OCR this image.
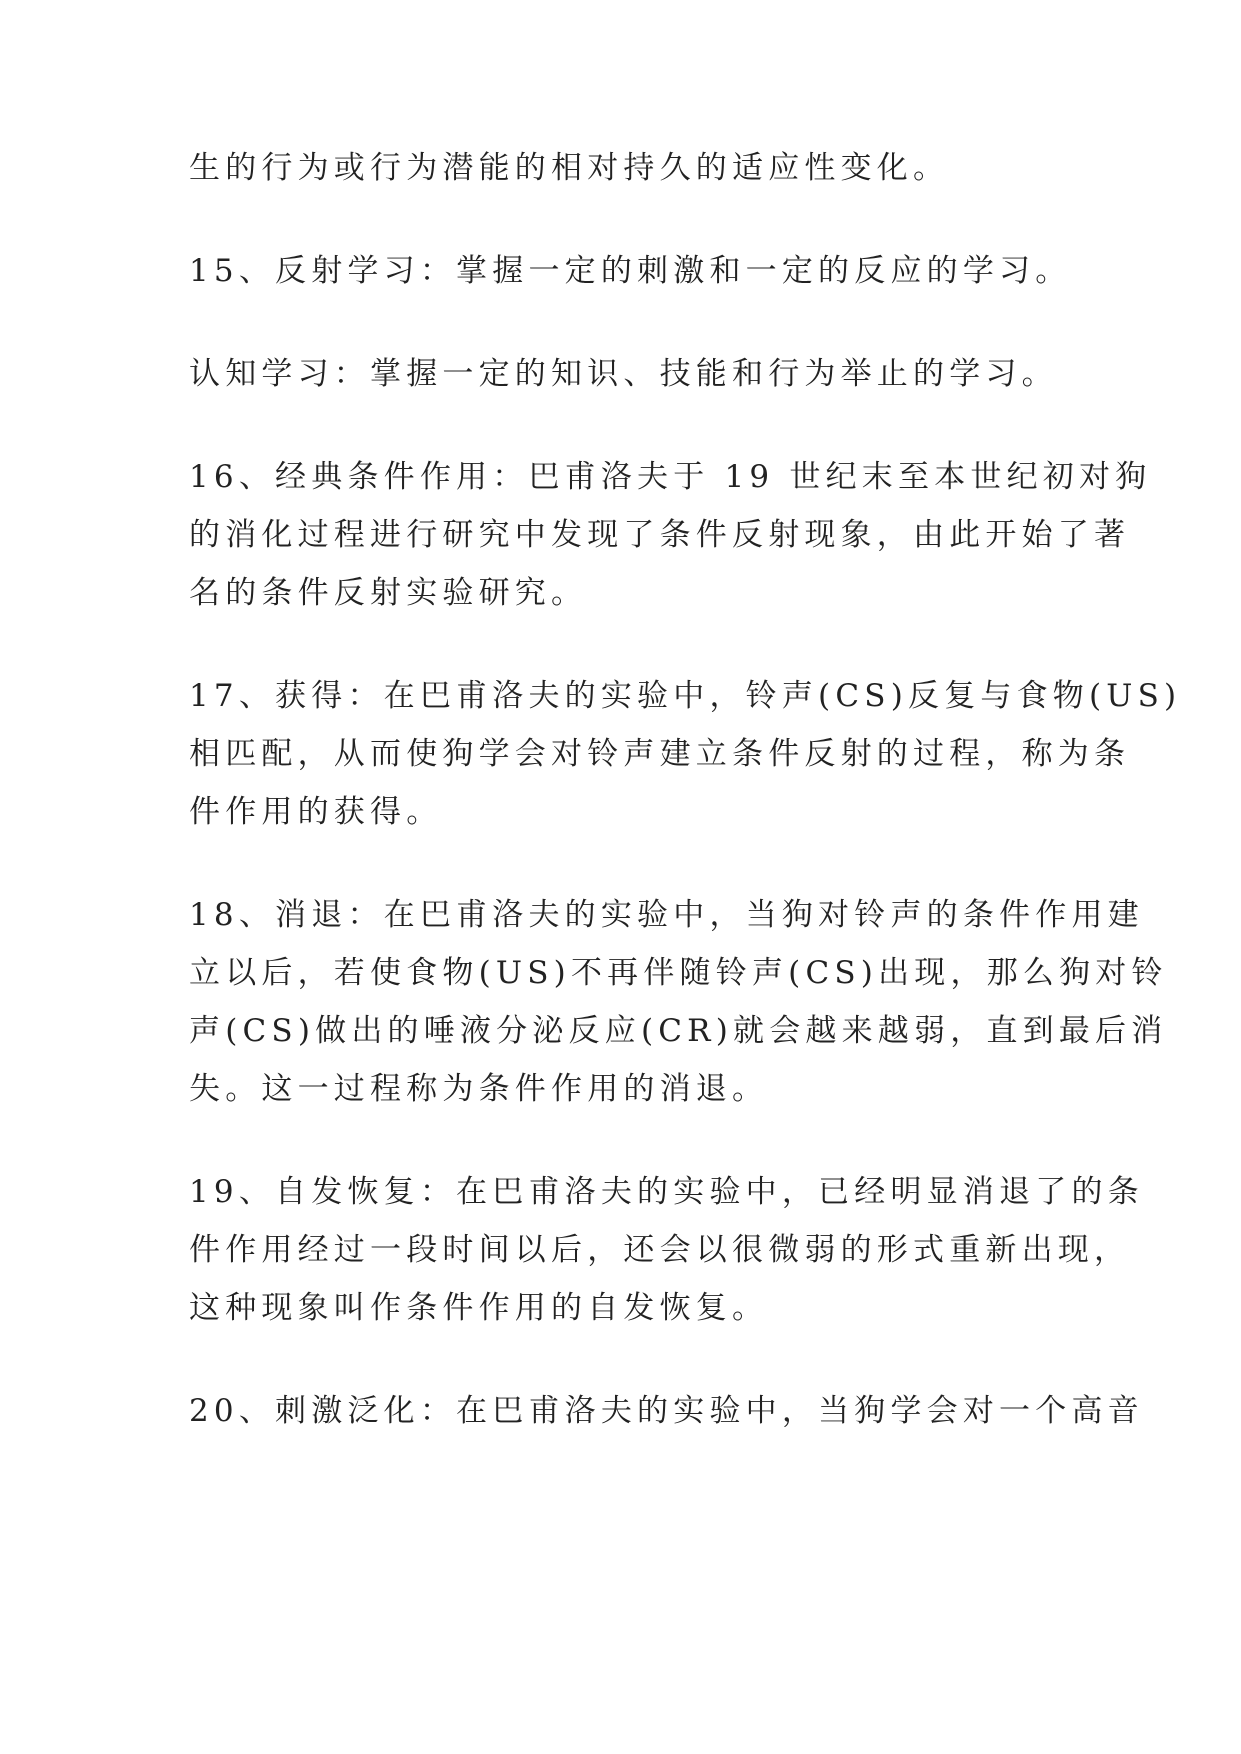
生的行为或行为潜能的相对持久的适应性变化。
15、反射学习：掌握一定的刺激和一定的反应的学习。
认知学习：掌握一定的知识、技能和行为举止的学习。
16、经典条件作用：巴甫洛夫于 19 世纪末至本世纪初对狗
的消化过程进行研究中发现了条件反射现象，由此开始了著
名的条件反射实验研究。
17、获得：在巴甫洛夫的实验中，铃声(CS)反复与食物(US)
相匹配，从而使狗学会对铃声建立条件反射的过程，称为条
件作用的获得。
18、消退：在巴甫洛夫的实验中，当狗对铃声的条件作用建
立以后，若使食物(US)不再伴随铃声(CS)出现，那么狗对铃
声(CS)做出的唾液分泌反应(CR)就会越来越弱，直到最后消
失。这一过程称为条件作用的消退。
19、自发恢复：在巴甫洛夫的实验中，已经明显消退了的条
件作用经过一段时间以后，还会以很微弱的形式重新出现，
这种现象叫作条件作用的自发恢复。
20、刺激泛化：在巴甫洛夫的实验中，当狗学会对一个高音
